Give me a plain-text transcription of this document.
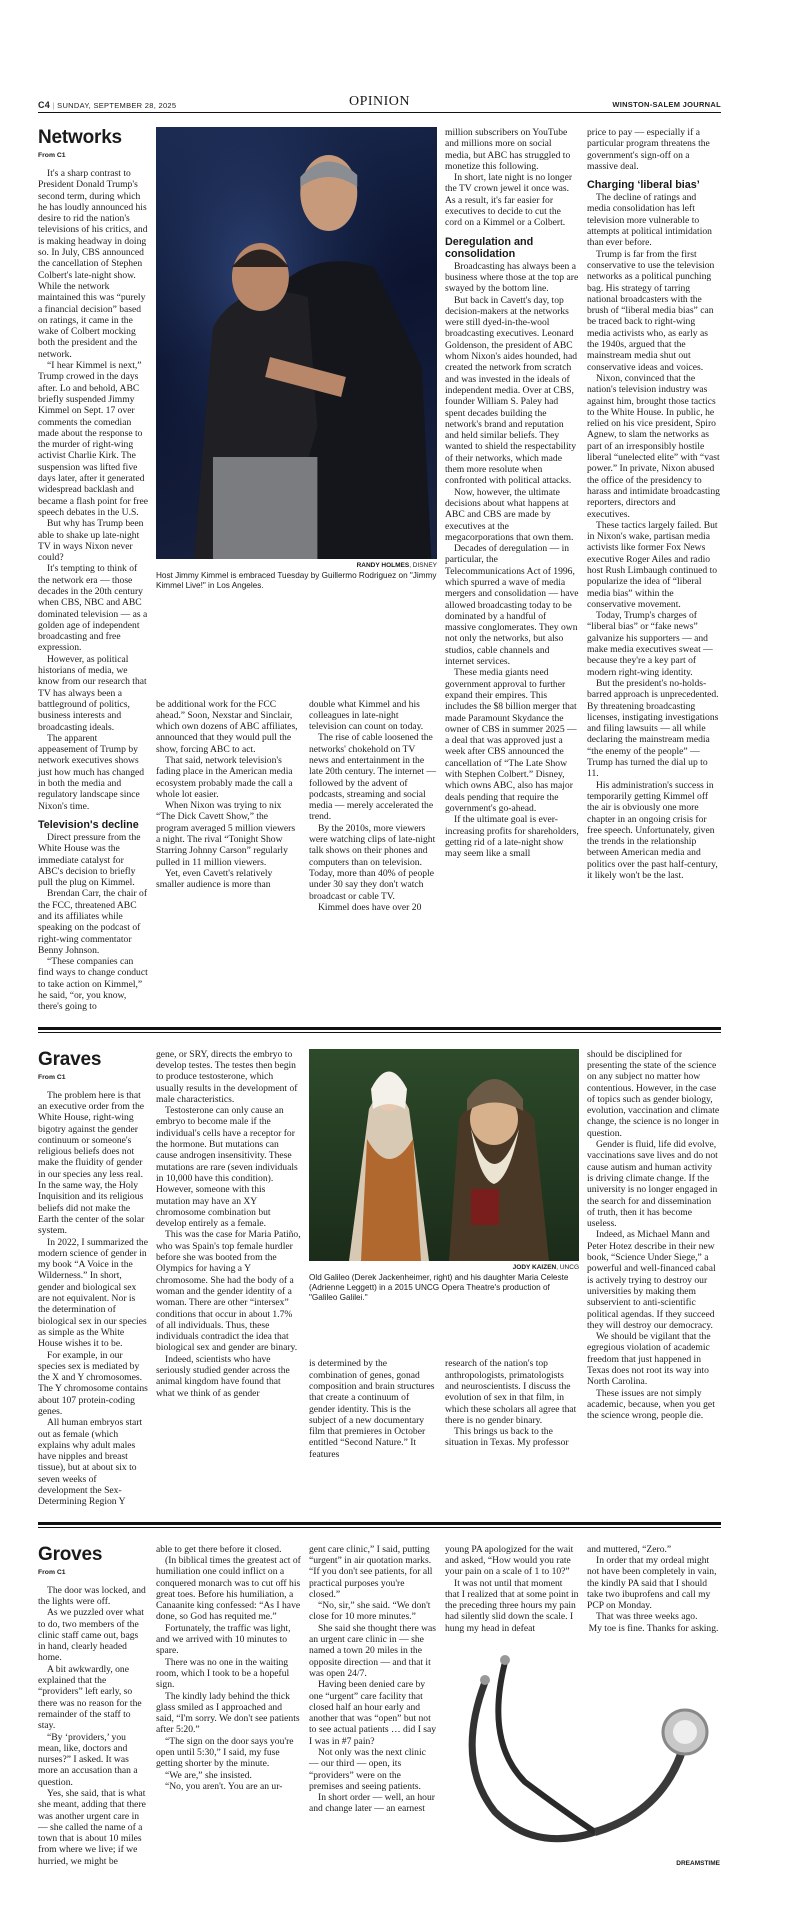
C4 | SUNDAY, SEPTEMBER 28, 2025	OPINION	WINSTON-SALEM JOURNAL
Networks
From C1

It's a sharp contrast to President Donald Trump's second term, during which he has loudly announced his desire to rid the nation's televisions of his critics, and is making headway in doing so. In July, CBS announced the cancellation of Stephen Colbert's late-night show. While the network maintained this was “purely a financial decision” based on ratings, it came in the wake of Colbert mocking both the president and the network.

“I hear Kimmel is next,” Trump crowed in the days after. Lo and behold, ABC briefly suspended Jimmy Kimmel on Sept. 17 over comments the comedian made about the response to the murder of right-wing activist Charlie Kirk. The suspension was lifted five days later, after it generated widespread backlash and became a flash point for free speech debates in the U.S.

But why has Trump been able to shake up late-night TV in ways Nixon never could?

It's tempting to think of the network era — those decades in the 20th century when CBS, NBC and ABC dominated television — as a golden age of independent broadcasting and free expression.

However, as political historians of media, we know from our research that TV has always been a battleground of politics, business interests and broadcasting ideals.

The apparent appeasement of Trump by network executives shows just how much has changed in both the media and regulatory landscape since Nixon's time.

Television's decline

Direct pressure from the White House was the immediate catalyst for ABC's decision to briefly pull the plug on Kimmel.

Brendan Carr, the chair of the FCC, threatened ABC and its affiliates while speaking on the podcast of right-wing commentator Benny Johnson.

“These companies can find ways to change conduct to take action on Kimmel,” he said, “or, you know, there's going to

RANDY HOLMES, DISNEY
Host Jimmy Kimmel is embraced Tuesday by Guillermo Rodriguez on "Jimmy Kimmel Live!" in Los Angeles.

be additional work for the FCC ahead.” Soon, Nexstar and Sinclair, which own dozens of ABC affiliates, announced that they would pull the show, forcing ABC to act.

That said, network television's fading place in the American media ecosystem probably made the call a whole lot easier.

When Nixon was trying to nix “The Dick Cavett Show,” the program averaged 5 million viewers a night. The rival “Tonight Show Starring Johnny Carson” regularly pulled in 11 million viewers.

Yet, even Cavett's relatively smaller audience is more than

double what Kimmel and his colleagues in late-night television can count on today.

The rise of cable loosened the networks' chokehold on TV news and entertainment in the late 20th century. The internet — followed by the advent of podcasts, streaming and social media — merely accelerated the trend.

By the 2010s, more viewers were watching clips of late-night talk shows on their phones and computers than on television. Today, more than 40% of people under 30 say they don't watch broadcast or cable TV.

Kimmel does have over 20

million subscribers on YouTube and millions more on social media, but ABC has struggled to monetize this following.

In short, late night is no longer the TV crown jewel it once was. As a result, it's far easier for executives to decide to cut the cord on a Kimmel or a Colbert.

Deregulation and consolidation

Broadcasting has always been a business where those at the top are swayed by the bottom line.

But back in Cavett's day, top decision-makers at the networks were still dyed-in-the-wool broadcasting executives. Leonard Goldenson, the president of ABC whom Nixon's aides hounded, had created the network from scratch and was invested in the ideals of independent media. Over at CBS, founder William S. Paley had spent decades building the network's brand and reputation and held similar beliefs. They wanted to shield the respectability of their networks, which made them more resolute when confronted with political attacks.

Now, however, the ultimate decisions about what happens at ABC and CBS are made by executives at the megacorporations that own them.

Decades of deregulation — in particular, the Telecommunications Act of 1996, which spurred a wave of media mergers and consolidation — have allowed broadcasting today to be dominated by a handful of massive conglomerates. They own not only the networks, but also studios, cable channels and internet services.

These media giants need government approval to further expand their empires. This includes the $8 billion merger that made Paramount Skydance the owner of CBS in summer 2025 — a deal that was approved just a week after CBS announced the cancellation of “The Late Show with Stephen Colbert.” Disney, which owns ABC, also has major deals pending that require the government's go-ahead.

If the ultimate goal is ever-increasing profits for shareholders, getting rid of a late-night show may seem like a small

price to pay — especially if a particular program threatens the government's sign-off on a massive deal.

Charging ‘liberal bias’

The decline of ratings and media consolidation has left television more vulnerable to attempts at political intimidation than ever before.

Trump is far from the first conservative to use the television networks as a political punching bag. His strategy of tarring national broadcasters with the brush of “liberal media bias” can be traced back to right-wing media activists who, as early as the 1940s, argued that the mainstream media shut out conservative ideas and voices.

Nixon, convinced that the nation's television industry was against him, brought those tactics to the White House. In public, he relied on his vice president, Spiro Agnew, to slam the networks as part of an irresponsibly hostile liberal “unelected elite” with “vast power.” In private, Nixon abused the office of the presidency to harass and intimidate broadcasting reporters, directors and executives.

These tactics largely failed. But in Nixon's wake, partisan media activists like former Fox News executive Roger Ailes and radio host Rush Limbaugh continued to popularize the idea of “liberal media bias” within the conservative movement.

Today, Trump's charges of “liberal bias” or “fake news” galvanize his supporters — and make media executives sweat — because they're a key part of modern right-wing identity.

But the president's no-holds-barred approach is unprecedented. By threatening broadcasting licenses, instigating investigations and filing lawsuits — all while declaring the mainstream media “the enemy of the people” — Trump has turned the dial up to 11.

His administration's success in temporarily getting Kimmel off the air is obviously one more chapter in an ongoing crisis for free speech. Unfortunately, given the trends in the relationship between American media and politics over the past half-century, it likely won't be the last.

Graves
From C1

The problem here is that an executive order from the White House, right-wing bigotry against the gender continuum or someone's religious beliefs does not make the fluidity of gender in our species any less real. In the same way, the Holy Inquisition and its religious beliefs did not make the Earth the center of the solar system.

In 2022, I summarized the modern science of gender in my book “A Voice in the Wilderness.” In short, gender and biological sex are not equivalent. Nor is the determination of biological sex in our species as simple as the White House wishes it to be.

For example, in our species sex is mediated by the X and Y chromosomes. The Y chromosome contains about 107 protein-coding genes.

All human embryos start out as female (which explains why adult males have nipples and breast tissue), but at about six to seven weeks of development the Sex-Determining Region Y

gene, or SRY, directs the embryo to develop testes. The testes then begin to produce testosterone, which usually results in the development of male characteristics.

Testosterone can only cause an embryo to become male if the individual's cells have a receptor for the hormone. But mutations can cause androgen insensitivity. These mutations are rare (seven individuals in 10,000 have this condition). However, someone with this mutation may have an XY chromosome combination but develop entirely as a female.

This was the case for Maria Patiño, who was Spain's top female hurdler before she was booted from the Olympics for having a Y chromosome. She had the body of a woman and the gender identity of a woman. There are other “intersex” conditions that occur in about 1.7% of all individuals. Thus, these individuals contradict the idea that biological sex and gender are binary.

Indeed, scientists who have seriously studied gender across the animal kingdom have found that what we think of as gender

JODY KAIZEN, UNCG
Old Galileo (Derek Jackenheimer, right) and his daughter Maria Celeste (Adrienne Leggett) in a 2015 UNCG Opera Theatre's production of "Galileo Galilei."

is determined by the combination of genes, gonad composition and brain structures that create a continuum of gender identity. This is the subject of a new documentary film that premieres in October entitled “Second Nature.” It features

research of the nation's top anthropologists, primatologists and neuroscientists. I discuss the evolution of sex in that film, in which these scholars all agree that there is no gender binary.

This brings us back to the situation in Texas. My professor

should be disciplined for presenting the state of the science on any subject no matter how contentious. However, in the case of topics such as gender biology, evolution, vaccination and climate change, the science is no longer in question.

Gender is fluid, life did evolve, vaccinations save lives and do not cause autism and human activity is driving climate change. If the university is no longer engaged in the search for and dissemination of truth, then it has become useless.

Indeed, as Michael Mann and Peter Hotez describe in their new book, “Science Under Siege,” a powerful and well-financed cabal is actively trying to destroy our universities by making them subservient to anti-scientific political agendas. If they succeed they will destroy our democracy.

We should be vigilant that the egregious violation of academic freedom that just happened in Texas does not root its way into North Carolina.

These issues are not simply academic, because, when you get the science wrong, people die.

Groves
From C1

The door was locked, and the lights were off.

As we puzzled over what to do, two members of the clinic staff came out, bags in hand, clearly headed home.

A bit awkwardly, one explained that the “providers” left early, so there was no reason for the remainder of the staff to stay.

“By ‘providers,’ you mean, like, doctors and nurses?” I asked. It was more an accusation than a question.

Yes, she said, that is what she meant, adding that there was another urgent care in — she called the name of a town that is about 10 miles from where we live; if we hurried, we might be

able to get there before it closed.

(In biblical times the greatest act of humiliation one could inflict on a conquered monarch was to cut off his great toes. Before his humiliation, a Canaanite king confessed: “As I have done, so God has requited me.”

Fortunately, the traffic was light, and we arrived with 10 minutes to spare.

There was no one in the waiting room, which I took to be a hopeful sign.

The kindly lady behind the thick glass smiled as I approached and said, “I'm sorry. We don't see patients after 5:20.”

“The sign on the door says you're open until 5:30,” I said, my fuse getting shorter by the minute.

“We are,” she insisted.

“No, you aren't. You are an ur-

gent care clinic,” I said, putting “urgent” in air quotation marks. “If you don't see patients, for all practical purposes you're closed.”

“No, sir,” she said. “We don't close for 10 more minutes.”

She said she thought there was an urgent care clinic in — she named a town 20 miles in the opposite direction — and that it was open 24/7.

Having been denied care by one “urgent” care facility that closed half an hour early and another that was “open” but not to see actual patients … did I say I was in #7 pain?

Not only was the next clinic — our third — open, its “providers” were on the premises and seeing patients.

In short order — well, an hour and change later — an earnest

young PA apologized for the wait and asked, “How would you rate your pain on a scale of 1 to 10?”

It was not until that moment that I realized that at some point in the preceding three hours my pain had silently slid down the scale. I hung my head in defeat

and muttered, “Zero.”

In order that my ordeal might not have been completely in vain, the kindly PA said that I should take two ibuprofens and call my PCP on Monday.

That was three weeks ago.

My toe is fine. Thanks for asking.

DREAMSTIME
